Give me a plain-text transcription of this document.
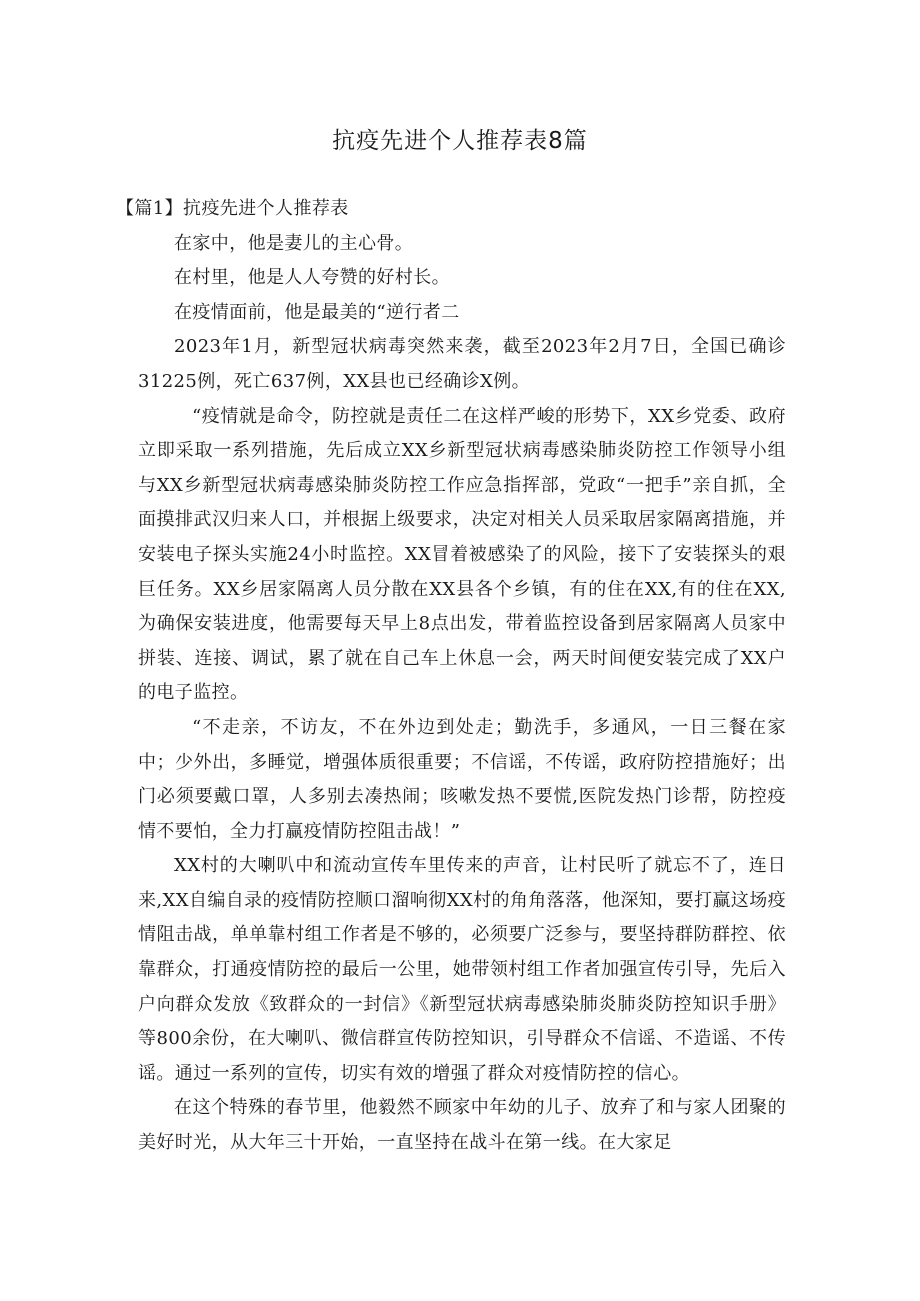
抗疫先进个人推荐表8篇

【篇1】抗疫先进个人推荐表

在家中，他是妻儿的主心骨。

在村里，他是人人夸赞的好村长。

在疫情面前，他是最美的“逆行者二

2023年1月，新型冠状病毒突然来袭，截至2023年2月7日，全国已确诊31225例，死亡637例，XX县也已经确诊X例。

“疫情就是命令，防控就是责任二在这样严峻的形势下，XX乡党委、政府立即采取一系列措施，先后成立XX乡新型冠状病毒感染肺炎防控工作领导小组与XX乡新型冠状病毒感染肺炎防控工作应急指挥部，党政“一把手”亲自抓，全面摸排武汉归来人口，并根据上级要求，决定对相关人员采取居家隔离措施，并安装电子探头实施24小时监控。XX冒着被感染了的风险，接下了安装探头的艰巨任务。XX乡居家隔离人员分散在XX县各个乡镇，有的住在XX,有的住在XX,为确保安装进度，他需要每天早上8点出发，带着监控设备到居家隔离人员家中拼装、连接、调试，累了就在自己车上休息一会，两天时间便安装完成了XX户的电子监控。

“不走亲，不访友，不在外边到处走；勤洗手，多通风，一日三餐在家中；少外出，多睡觉，增强体质很重要；不信谣，不传谣，政府防控措施好；出门必须要戴口罩，人多别去凑热闹；咳嗽发热不要慌,医院发热门诊帮，防控疫情不要怕，全力打赢疫情防控阻击战！”

XX村的大喇叭中和流动宣传车里传来的声音，让村民听了就忘不了，连日来,XX自编自录的疫情防控顺口溜响彻XX村的角角落落，他深知，要打赢这场疫情阻击战，单单靠村组工作者是不够的，必须要广泛参与，要坚持群防群控、依靠群众，打通疫情防控的最后一公里，她带领村组工作者加强宣传引导，先后入户向群众发放《致群众的一封信》《新型冠状病毒感染肺炎肺炎防控知识手册》等800余份，在大喇叭、微信群宣传防控知识，引导群众不信谣、不造谣、不传谣。通过一系列的宣传，切实有效的增强了群众对疫情防控的信心。

在这个特殊的春节里，他毅然不顾家中年幼的儿子、放弃了和与家人团聚的美好时光，从大年三十开始，一直坚持在战斗在第一线。在大家足
